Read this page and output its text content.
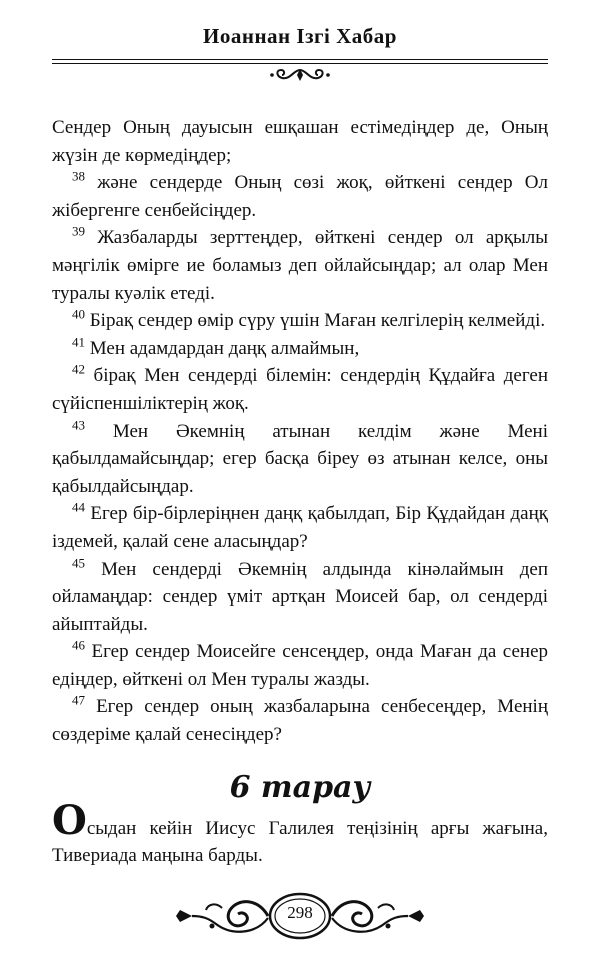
Иоаннан Ізгі Хабар

Сендер Оның дауысын ешқашан естімедіңдер де, Оның жүзін де көрмедіңдер;

$^{38}$ және сендерде Оның сөзі жоқ, өйткені сендер Ол жібергенге сенбейсіңдер.

$^{39}$ Жазбаларды зерттеңдер, өйткені сендер ол арқылы мәңгілік өмірге ие боламыз деп ойлайсыңдар; ал олар Мен туралы куәлік етеді.

$^{40}$ Бірақ сендер өмір сүру үшін Маған келгілерің келмейді.

$^{41}$ Мен адамдардан даңқ алмаймын,

$^{42}$ бірақ Мен сендерді білемін: сендердің Құдайға деген сүйіспеншіліктерің жоқ.

$^{43}$ Мен Әкемнің атынан келдім және Мені қабылдамайсыңдар; егер басқа біреу өз атынан келсе, оны қабылдайсыңдар.

$^{44}$ Егер бір-бірлеріңнен даңқ қабылдап, Бір Құдайдан даңқ іздемей, қалай сене аласыңдар?

$^{45}$ Мен сендерді Әкемнің алдында кінәлаймын деп ойламаңдар: сендер үміт артқан Моисей бар, ол сендерді айыптайды.

$^{46}$ Егер сендер Моисейге сенсеңдер, онда Маған да сенер едіңдер, өйткені ол Мен туралы жазды.

$^{47}$ Егер сендер оның жазбаларына сенбесеңдер, Менің сөздеріме қалай сенесіңдер?

6 тарау

Осыдан кейін Иисус Галилея теңізінің арғы жағына, Тивериада маңына барды.

298
